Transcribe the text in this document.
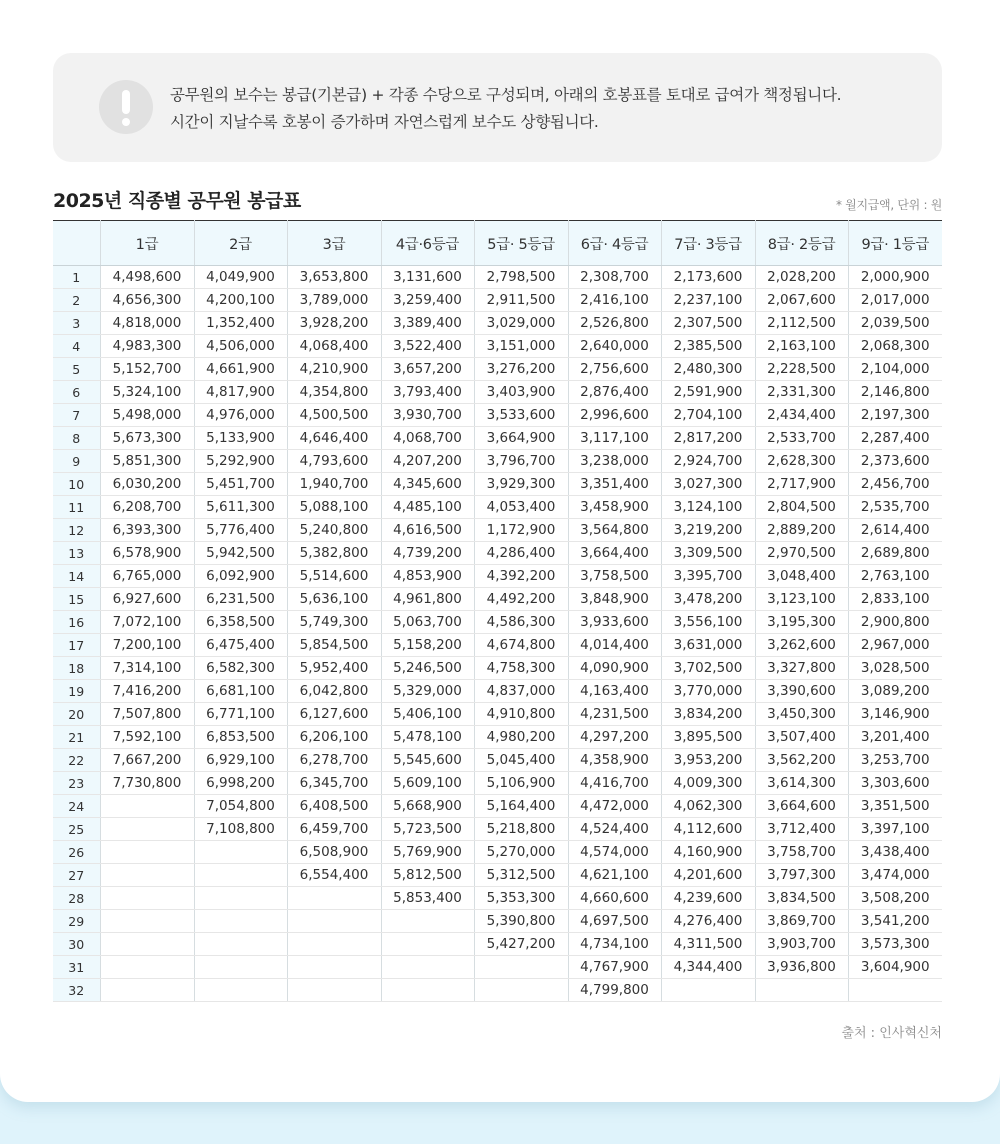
공무원의 보수는 봉급(기본급) + 각종 수당으로 구성되며, 아래의 호봉표를 토대로 급여가 책정됩니다.
시간이 지날수록 호봉이 증가하며 자연스럽게 보수도 상향됩니다.
2025년 직종별 공무원 봉급표	* 월지급액, 단위 : 원
	1급	2급	3급	4급·6등급	5급· 5등급	6급· 4등급	7급· 3등급	8급· 2등급	9급· 1등급
1	4,498,600	4,049,900	3,653,800	3,131,600	2,798,500	2,308,700	2,173,600	2,028,200	2,000,900
2	4,656,300	4,200,100	3,789,000	3,259,400	2,911,500	2,416,100	2,237,100	2,067,600	2,017,000
3	4,818,000	1,352,400	3,928,200	3,389,400	3,029,000	2,526,800	2,307,500	2,112,500	2,039,500
4	4,983,300	4,506,000	4,068,400	3,522,400	3,151,000	2,640,000	2,385,500	2,163,100	2,068,300
5	5,152,700	4,661,900	4,210,900	3,657,200	3,276,200	2,756,600	2,480,300	2,228,500	2,104,000
6	5,324,100	4,817,900	4,354,800	3,793,400	3,403,900	2,876,400	2,591,900	2,331,300	2,146,800
7	5,498,000	4,976,000	4,500,500	3,930,700	3,533,600	2,996,600	2,704,100	2,434,400	2,197,300
8	5,673,300	5,133,900	4,646,400	4,068,700	3,664,900	3,117,100	2,817,200	2,533,700	2,287,400
9	5,851,300	5,292,900	4,793,600	4,207,200	3,796,700	3,238,000	2,924,700	2,628,300	2,373,600
10	6,030,200	5,451,700	1,940,700	4,345,600	3,929,300	3,351,400	3,027,300	2,717,900	2,456,700
11	6,208,700	5,611,300	5,088,100	4,485,100	4,053,400	3,458,900	3,124,100	2,804,500	2,535,700
12	6,393,300	5,776,400	5,240,800	4,616,500	1,172,900	3,564,800	3,219,200	2,889,200	2,614,400
13	6,578,900	5,942,500	5,382,800	4,739,200	4,286,400	3,664,400	3,309,500	2,970,500	2,689,800
14	6,765,000	6,092,900	5,514,600	4,853,900	4,392,200	3,758,500	3,395,700	3,048,400	2,763,100
15	6,927,600	6,231,500	5,636,100	4,961,800	4,492,200	3,848,900	3,478,200	3,123,100	2,833,100
16	7,072,100	6,358,500	5,749,300	5,063,700	4,586,300	3,933,600	3,556,100	3,195,300	2,900,800
17	7,200,100	6,475,400	5,854,500	5,158,200	4,674,800	4,014,400	3,631,000	3,262,600	2,967,000
18	7,314,100	6,582,300	5,952,400	5,246,500	4,758,300	4,090,900	3,702,500	3,327,800	3,028,500
19	7,416,200	6,681,100	6,042,800	5,329,000	4,837,000	4,163,400	3,770,000	3,390,600	3,089,200
20	7,507,800	6,771,100	6,127,600	5,406,100	4,910,800	4,231,500	3,834,200	3,450,300	3,146,900
21	7,592,100	6,853,500	6,206,100	5,478,100	4,980,200	4,297,200	3,895,500	3,507,400	3,201,400
22	7,667,200	6,929,100	6,278,700	5,545,600	5,045,400	4,358,900	3,953,200	3,562,200	3,253,700
23	7,730,800	6,998,200	6,345,700	5,609,100	5,106,900	4,416,700	4,009,300	3,614,300	3,303,600
24		7,054,800	6,408,500	5,668,900	5,164,400	4,472,000	4,062,300	3,664,600	3,351,500
25		7,108,800	6,459,700	5,723,500	5,218,800	4,524,400	4,112,600	3,712,400	3,397,100
26			6,508,900	5,769,900	5,270,000	4,574,000	4,160,900	3,758,700	3,438,400
27			6,554,400	5,812,500	5,312,500	4,621,100	4,201,600	3,797,300	3,474,000
28				5,853,400	5,353,300	4,660,600	4,239,600	3,834,500	3,508,200
29					5,390,800	4,697,500	4,276,400	3,869,700	3,541,200
30					5,427,200	4,734,100	4,311,500	3,903,700	3,573,300
31						4,767,900	4,344,400	3,936,800	3,604,900
32						4,799,800			
출처 : 인사혁신처
